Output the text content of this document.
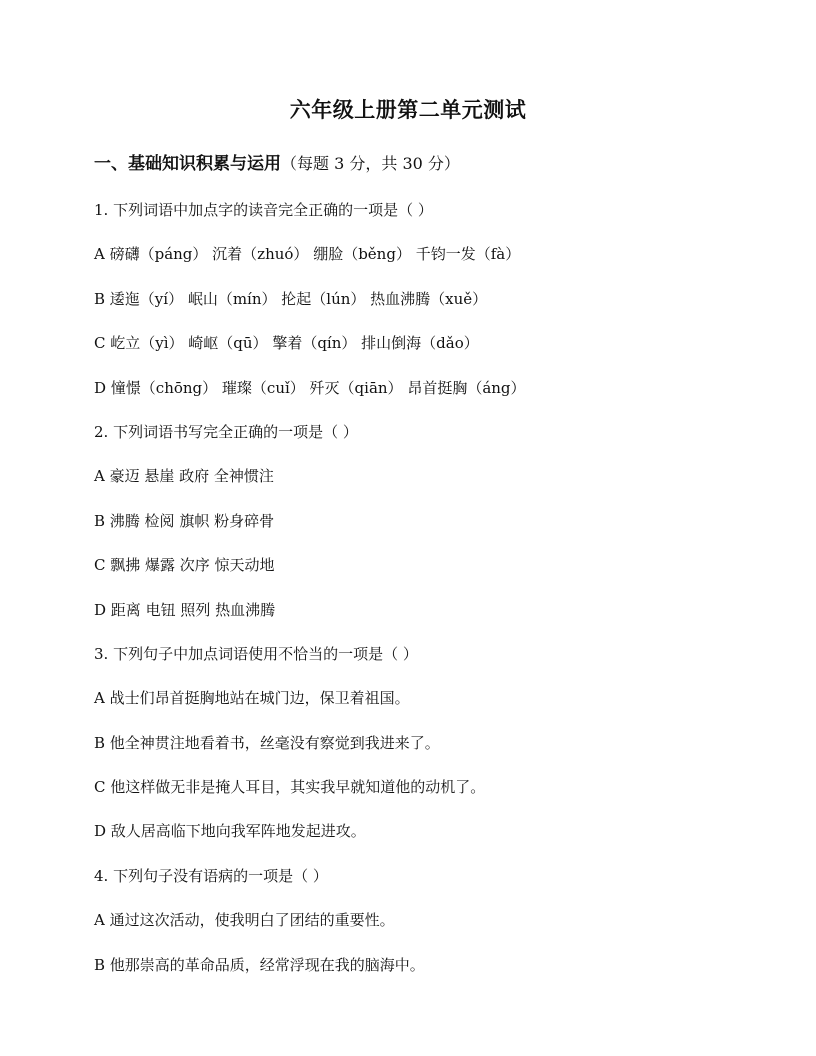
六年级上册第二单元测试
一、基础知识积累与运用（每题 3 分，共 30 分）
1. 下列词语中加点字的读音完全正确的一项是（ ）
A 磅礴（páng） 沉着（zhuó） 绷脸（běng） 千钧一发（fà）
B 逶迤（yí） 岷山（mín） 抡起（lún） 热血沸腾（xuě）
C 屹立（yì） 崎岖（qū） 擎着（qín） 排山倒海（dǎo）
D 憧憬（chōng） 璀璨（cuǐ） 歼灭（qiān） 昂首挺胸（áng）
2. 下列词语书写完全正确的一项是（ ）
A 豪迈 悬崖 政府 全神惯注
B 沸腾 检阅 旗帜 粉身碎骨
C 飘拂 爆露 次序 惊天动地
D 距离 电钮 照列 热血沸腾
3. 下列句子中加点词语使用不恰当的一项是（ ）
A 战士们昂首挺胸地站在城门边，保卫着祖国。
B 他全神贯注地看着书，丝毫没有察觉到我进来了。
C 他这样做无非是掩人耳目，其实我早就知道他的动机了。
D 敌人居高临下地向我军阵地发起进攻。
4. 下列句子没有语病的一项是（ ）
A 通过这次活动，使我明白了团结的重要性。
B 他那崇高的革命品质，经常浮现在我的脑海中。
